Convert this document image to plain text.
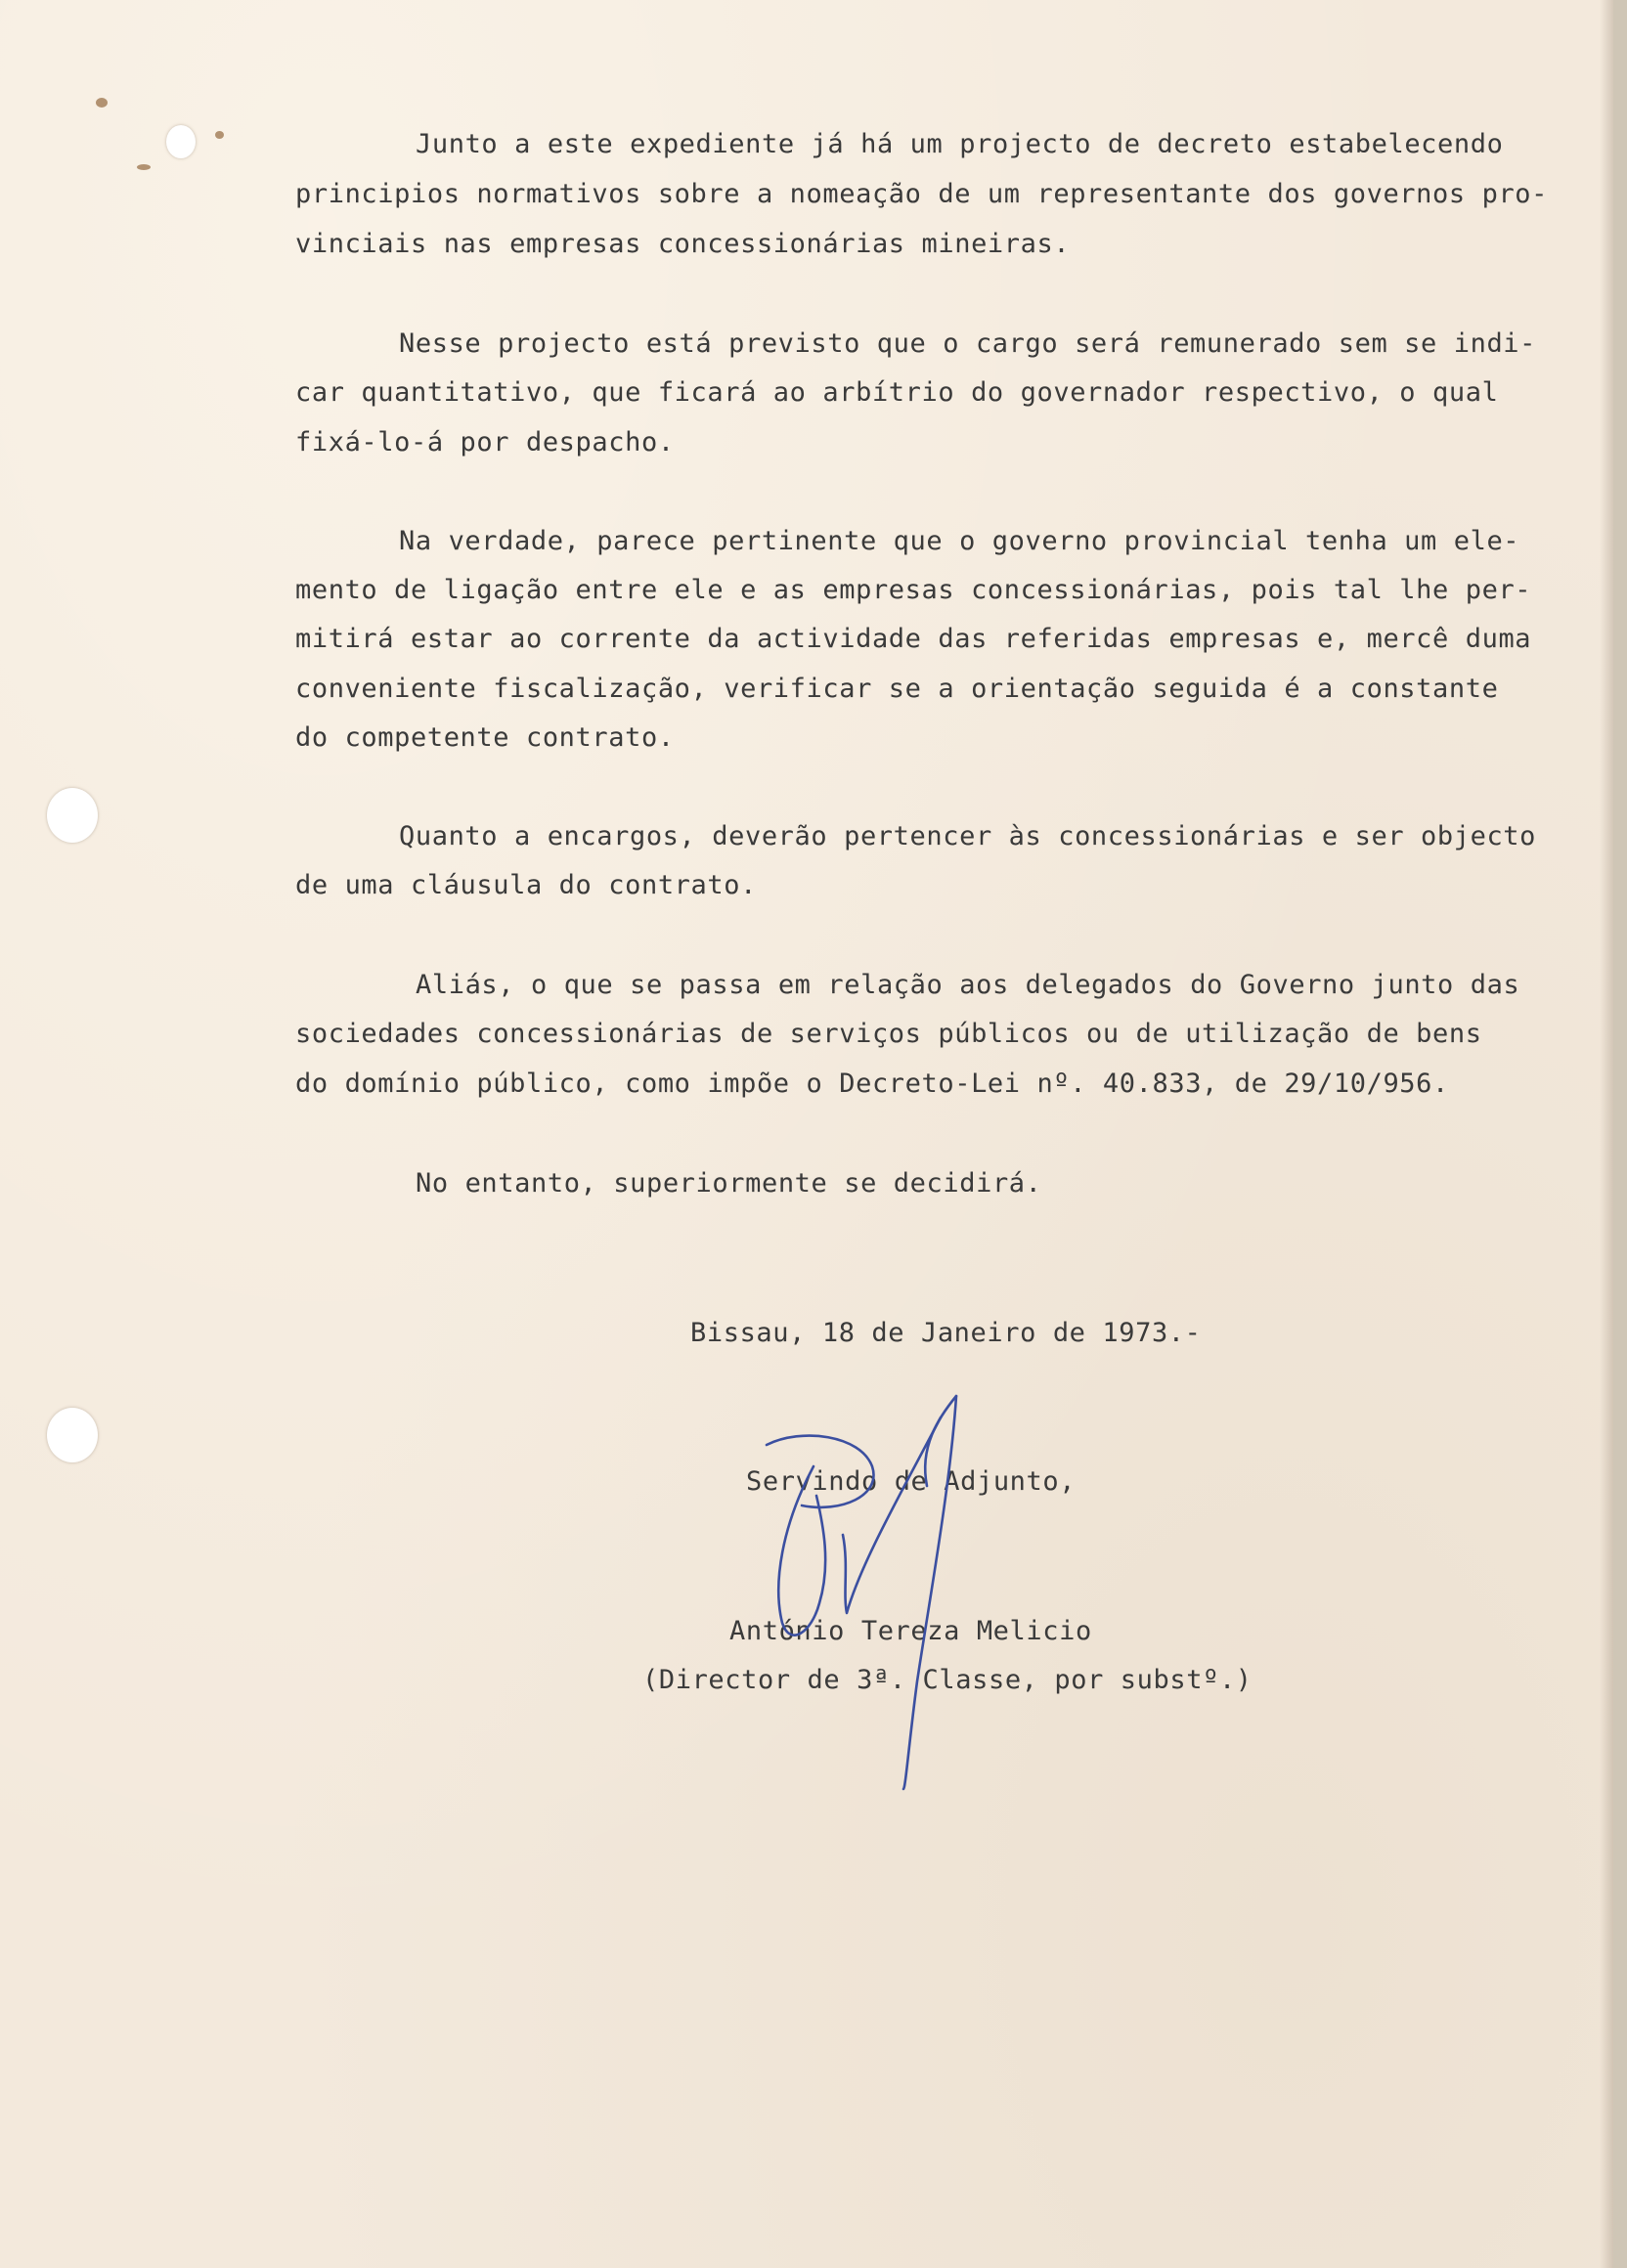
Junto a este expediente já há um projecto de decreto estabelecendo
principios normativos sobre a nomeação de um representante dos governos pro-
vinciais nas empresas concessionárias mineiras.
Nesse projecto está previsto que o cargo será remunerado sem se indi-
car quantitativo, que ficará ao arbítrio do governador respectivo, o qual
fixá-lo-á por despacho.
Na verdade, parece pertinente que o governo provincial tenha um ele-
mento de ligação entre ele e as empresas concessionárias, pois tal lhe per-
mitirá estar ao corrente da actividade das referidas empresas e, mercê duma
conveniente fiscalização, verificar se a orientação seguida é a constante
do competente contrato.
Quanto a encargos, deverão pertencer às concessionárias e ser objecto
de uma cláusula do contrato.
Aliás, o que se passa em relação aos delegados do Governo junto das
sociedades concessionárias de serviços públicos ou de utilização de bens
do domínio público, como impõe o Decreto-Lei nº. 40.833, de 29/10/956.
No entanto, superiormente se decidirá.
Bissau, 18 de Janeiro de 1973.-
Servindo de Adjunto,
António Tereza Melicio
(Director de 3ª. Classe, por substº.)
